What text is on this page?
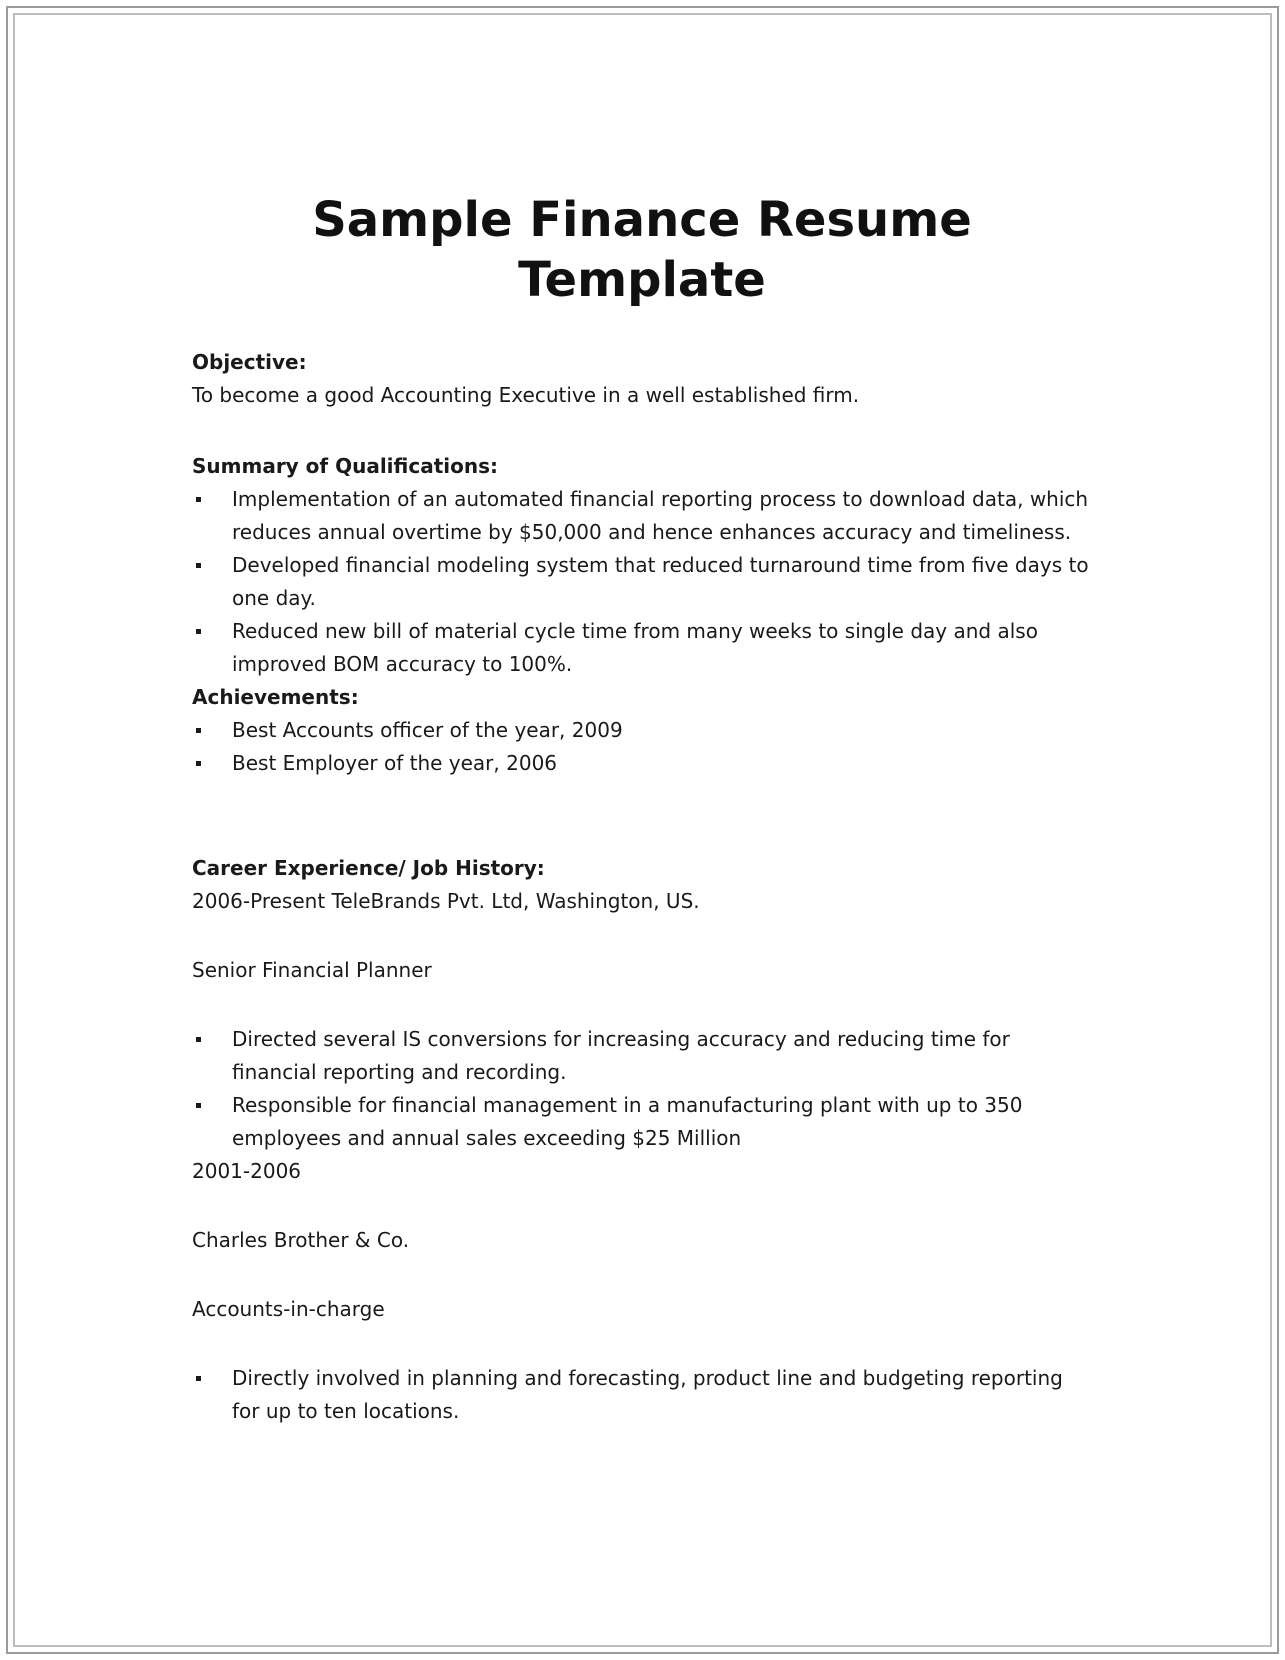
Sample Finance Resume
Template

Objective:

To become a good Accounting Executive in a well established firm.

Summary of Qualifications:

Implementation of an automated financial reporting process to download data, which reduces annual overtime by $50,000 and hence enhances accuracy and timeliness.
Developed financial modeling system that reduced turnaround time from five days to one day.
Reduced new bill of material cycle time from many weeks to single day and also improved BOM accuracy to 100%.

Achievements:

Best Accounts officer of the year, 2009
Best Employer of the year, 2006

Career Experience/ Job History:

2006-Present TeleBrands Pvt. Ltd, Washington, US.

Senior Financial Planner

Directed several IS conversions for increasing accuracy and reducing time for financial reporting and recording.
Responsible for financial management in a manufacturing plant with up to 350 employees and annual sales exceeding $25 Million

2001-2006

Charles Brother & Co.

Accounts-in-charge

Directly involved in planning and forecasting, product line and budgeting reporting for up to ten locations.
